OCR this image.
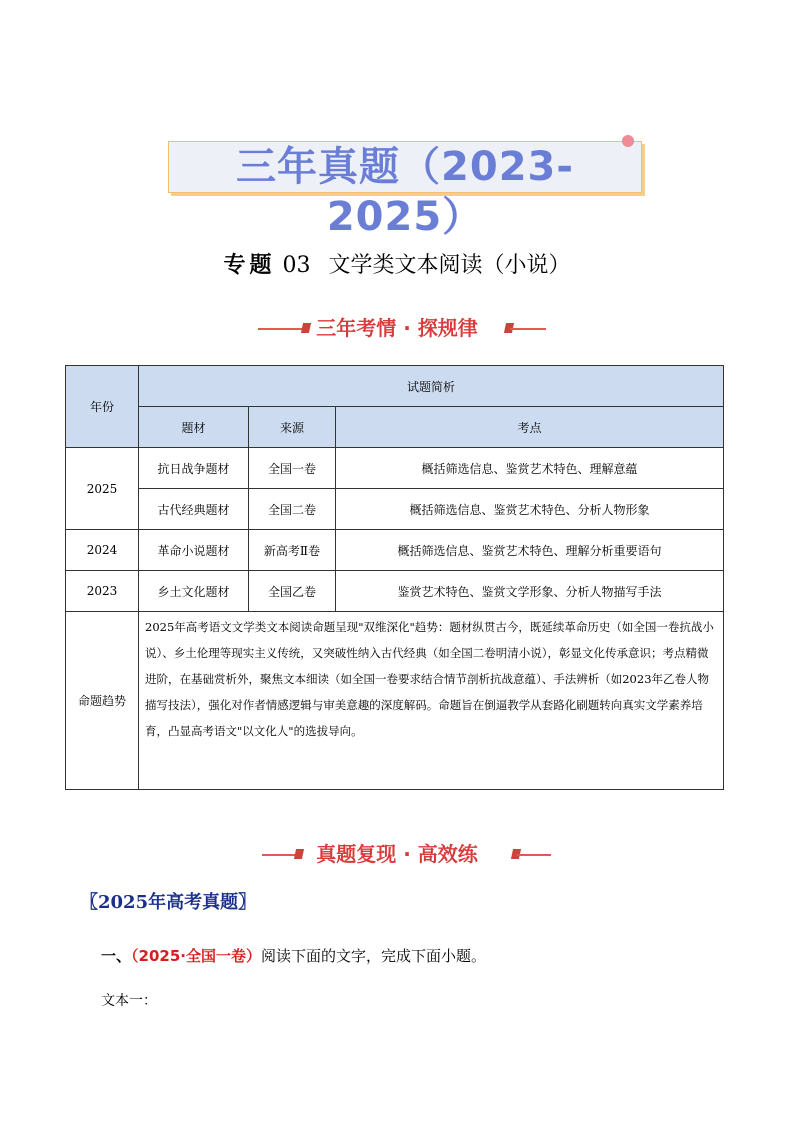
三年真题（2023-2025）
专题 03 文学类文本阅读（小说）
三年考情 · 探规律
年份	试题简析		
	题材	来源	考点
2025	抗日战争题材	全国一卷	概括筛选信息、鉴赏艺术特色、理解意蕴
	古代经典题材	全国二卷	概括筛选信息、鉴赏艺术特色、分析人物形象
2024	革命小说题材	新高考Ⅱ卷	概括筛选信息、鉴赏艺术特色、理解分析重要语句
2023	乡土文化题材	全国乙卷	鉴赏艺术特色、鉴赏文学形象、分析人物描写手法
命题趋势	2025年高考语文文学类文本阅读命题呈现"双维深化"趋势：题材纵贯古今，既延续革命历史（如全国一卷抗战小说）、乡土伦理等现实主义传统，又突破性纳入古代经典（如全国二卷明清小说），彰显文化传承意识；考点精微进阶，在基础赏析外，聚焦文本细读（如全国一卷要求结合情节剖析抗战意蕴）、手法辨析（如2023年乙卷人物描写技法），强化对作者情感逻辑与审美意趣的深度解码。命题旨在倒逼教学从套路化刷题转向真实文学素养培育，凸显高考语文"以文化人"的选拔导向。		
真题复现 · 高效练
〖2025年高考真题〗
一、（2025·全国一卷）阅读下面的文字，完成下面小题。
文本一：
